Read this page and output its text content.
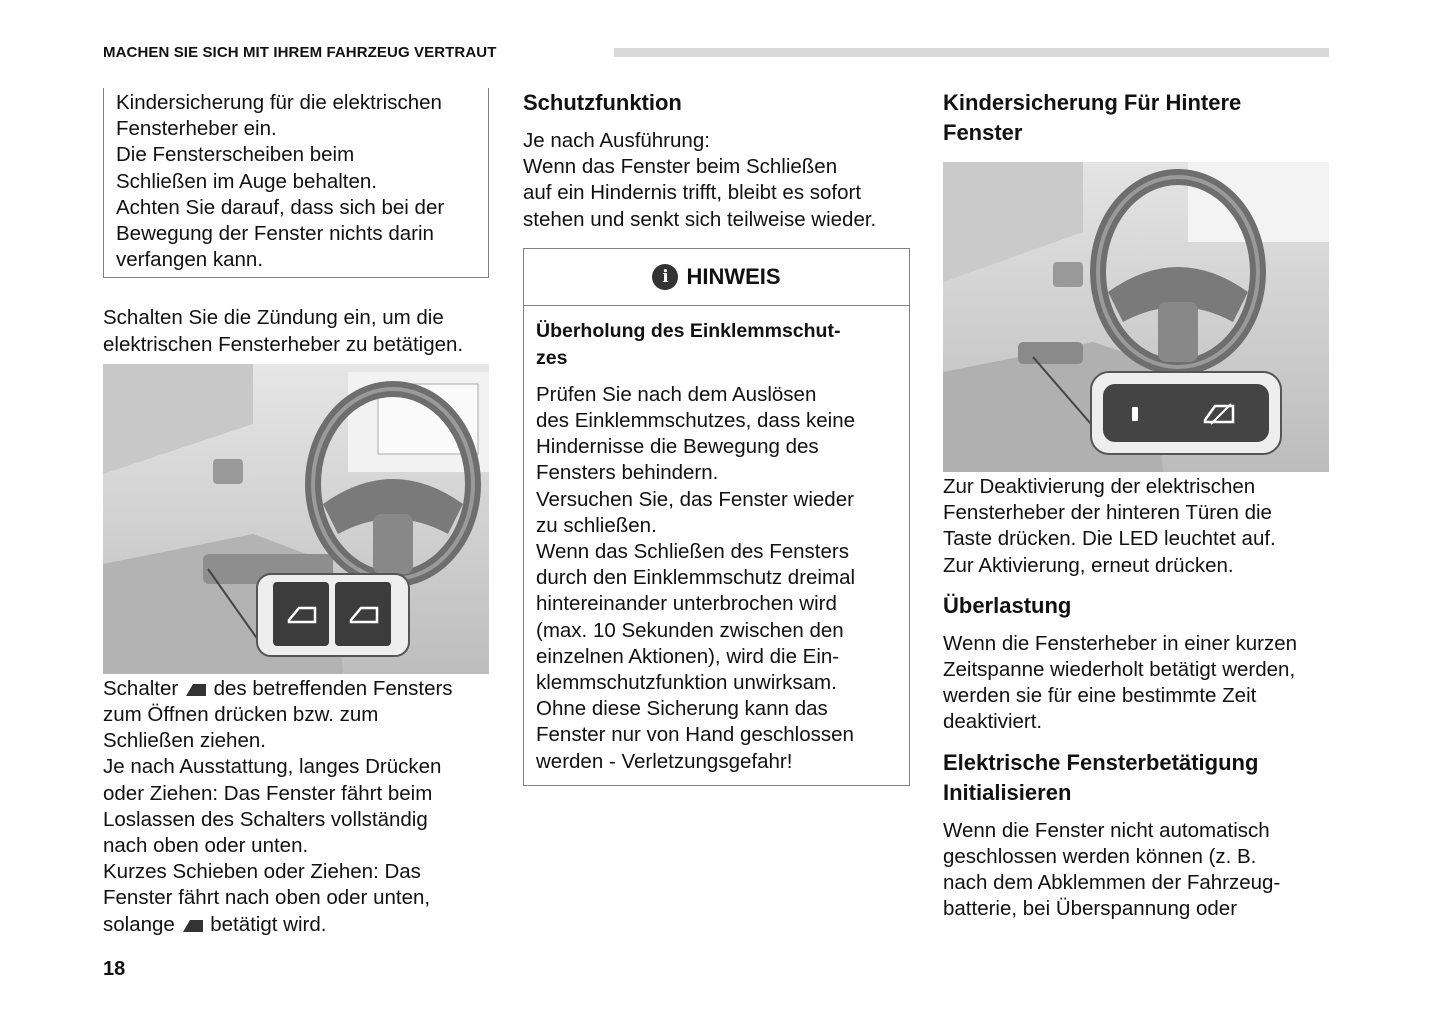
MACHEN SIE SICH MIT IHREM FAHRZEUG VERTRAUT

Kindersicherung für die elektrischen
Fensterheber ein.
Die Fensterscheiben beim
Schließen im Auge behalten.
Achten Sie darauf, dass sich bei der
Bewegung der Fenster nichts darin
verfangen kann.

Schalten Sie die Zündung ein, um die
elektrischen Fensterheber zu betätigen.

Schalter  des betreffenden Fensters
zum Öffnen drücken bzw. zum
Schließen ziehen.
Je nach Ausstattung, langes Drücken
oder Ziehen: Das Fenster fährt beim
Loslassen des Schalters vollständig
nach oben oder unten.
Kurzes Schieben oder Ziehen: Das
Fenster fährt nach oben oder unten,
solange  betätigt wird.

Schutzfunktion

Je nach Ausführung:
Wenn das Fenster beim Schließen
auf ein Hindernis trifft, bleibt es sofort
stehen und senkt sich teilweise wieder.

i HINWEIS

Überholung des Einklemmschut-
zes

Prüfen Sie nach dem Auslösen
des Einklemmschutzes, dass keine
Hindernisse die Bewegung des
Fensters behindern.
Versuchen Sie, das Fenster wieder
zu schließen.
Wenn das Schließen des Fensters
durch den Einklemmschutz dreimal
hintereinander unterbrochen wird
(max. 10 Sekunden zwischen den
einzelnen Aktionen), wird die Ein-
klemmschutzfunktion unwirksam.
Ohne diese Sicherung kann das
Fenster nur von Hand geschlossen
werden - Verletzungsgefahr!

Kindersicherung Für Hintere
Fenster

Zur Deaktivierung der elektrischen
Fensterheber der hinteren Türen die
Taste drücken. Die LED leuchtet auf.
Zur Aktivierung, erneut drücken.

Überlastung

Wenn die Fensterheber in einer kurzen
Zeitspanne wiederholt betätigt werden,
werden sie für eine bestimmte Zeit
deaktiviert.

Elektrische Fensterbetätigung
Initialisieren

Wenn die Fenster nicht automatisch
geschlossen werden können (z. B.
nach dem Abklemmen der Fahrzeug-
batterie, bei Überspannung oder

18
